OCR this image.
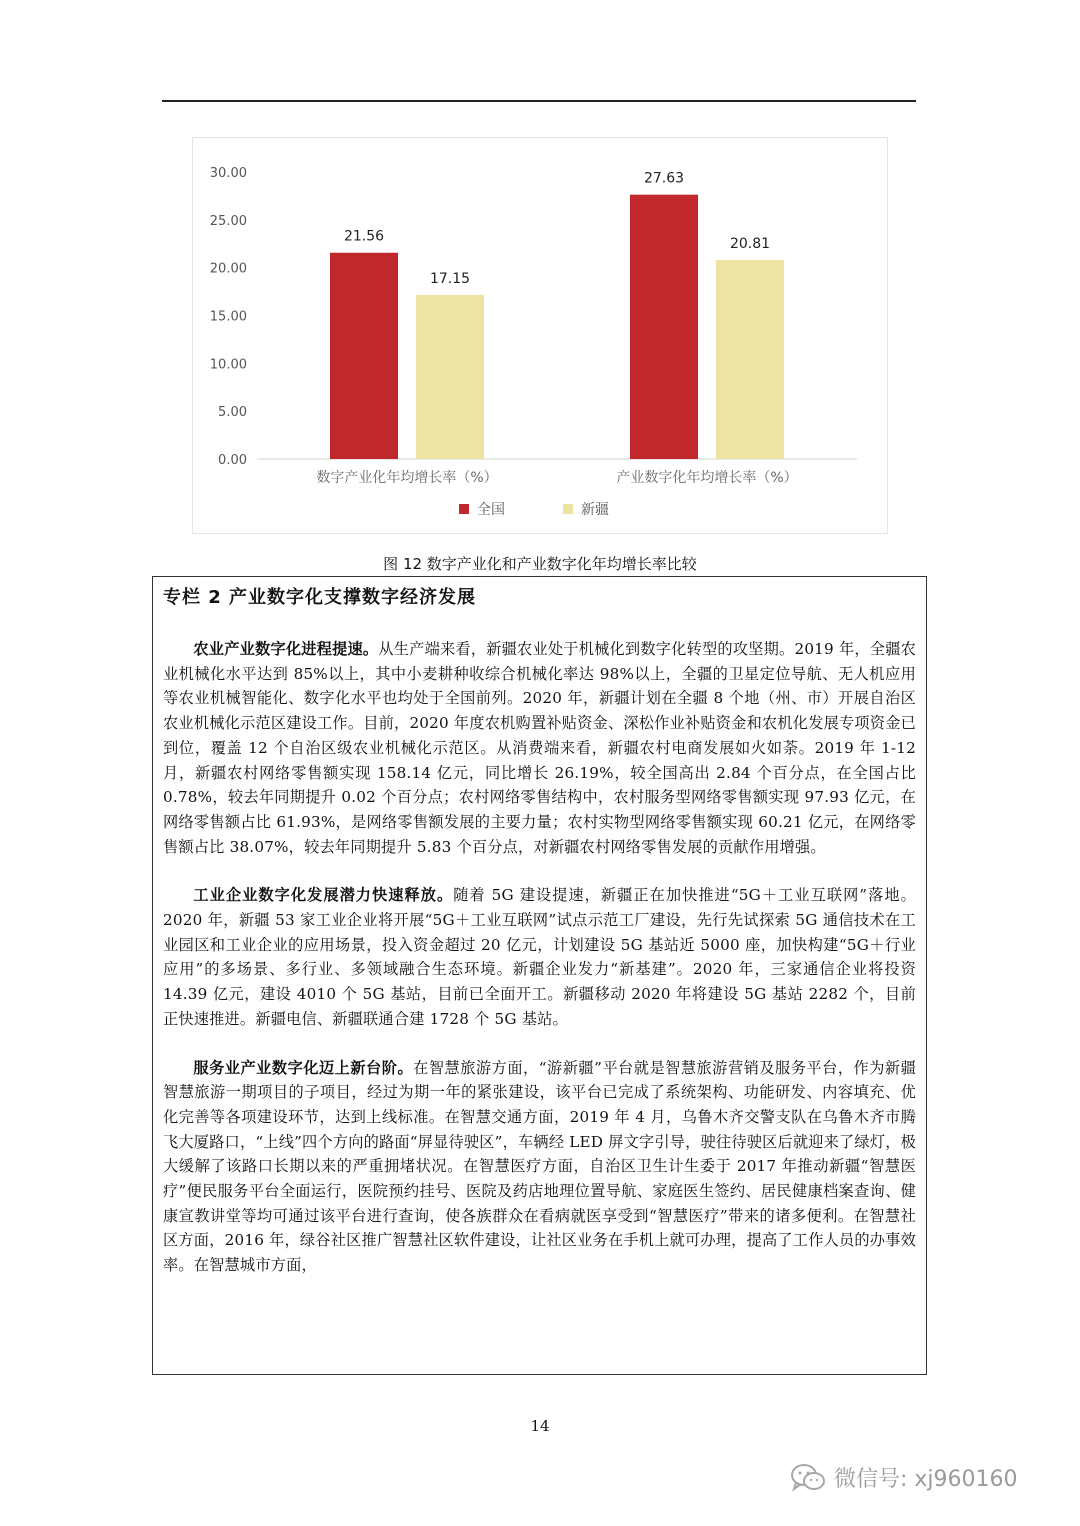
0.00
5.00
10.00
15.00
20.00
25.00
30.00
21.56
17.15
数字产业化年均增长率（%）
27.63
20.81
产业数字化年均增长率（%）
全国	新疆
图 12 数字产业化和产业数字化年均增长率比较
专栏 2 产业数字化支撑数字经济发展

农业产业数字化进程提速。从生产端来看，新疆农业处于机械化到数字化转型的攻坚期。2019 年，全疆农业机械化水平达到 85%以上，其中小麦耕种收综合机械化率达 98%以上，全疆的卫星定位导航、无人机应用等农业机械智能化、数字化水平也均处于全国前列。2020 年，新疆计划在全疆 8 个地（州、市）开展自治区农业机械化示范区建设工作。目前，2020 年度农机购置补贴资金、深松作业补贴资金和农机化发展专项资金已到位，覆盖 12 个自治区级农业机械化示范区。从消费端来看，新疆农村电商发展如火如荼。2019 年 1-12 月，新疆农村网络零售额实现 158.14 亿元，同比增长 26.19%，较全国高出 2.84 个百分点，在全国占比 0.78%，较去年同期提升 0.02 个百分点；农村网络零售结构中，农村服务型网络零售额实现 97.93 亿元，在网络零售额占比 61.93%，是网络零售额发展的主要力量；农村实物型网络零售额实现 60.21 亿元，在网络零售额占比 38.07%，较去年同期提升 5.83 个百分点，对新疆农村网络零售发展的贡献作用增强。

工业企业数字化发展潜力快速释放。随着 5G 建设提速，新疆正在加快推进“5G＋工业互联网”落地。2020 年，新疆 53 家工业企业将开展“5G＋工业互联网”试点示范工厂建设，先行先试探索 5G 通信技术在工业园区和工业企业的应用场景，投入资金超过 20 亿元，计划建设 5G 基站近 5000 座，加快构建“5G＋行业应用”的多场景、多行业、多领域融合生态环境。新疆企业发力“新基建”。2020 年，三家通信企业将投资 14.39 亿元，建设 4010 个 5G 基站，目前已全面开工。新疆移动 2020 年将建设 5G 基站 2282 个，目前正快速推进。新疆电信、新疆联通合建 1728 个 5G 基站。

服务业产业数字化迈上新台阶。在智慧旅游方面，“游新疆”平台就是智慧旅游营销及服务平台，作为新疆智慧旅游一期项目的子项目，经过为期一年的紧张建设，该平台已完成了系统架构、功能研发、内容填充、优化完善等各项建设环节，达到上线标准。在智慧交通方面，2019 年 4 月，乌鲁木齐交警支队在乌鲁木齐市腾飞大厦路口，“上线”四个方向的路面“屏显待驶区”，车辆经 LED 屏文字引导，驶往待驶区后就迎来了绿灯，极大缓解了该路口长期以来的严重拥堵状况。在智慧医疗方面，自治区卫生计生委于 2017 年推动新疆“智慧医疗”便民服务平台全面运行，医院预约挂号、医院及药店地理位置导航、家庭医生签约、居民健康档案查询、健康宣教讲堂等均可通过该平台进行查询，使各族群众在看病就医享受到“智慧医疗”带来的诸多便利。在智慧社区方面，2016 年，绿谷社区推广智慧社区软件建设，让社区业务在手机上就可办理，提高了工作人员的办事效率。在智慧城市方面，

14
微信号: xj960160
